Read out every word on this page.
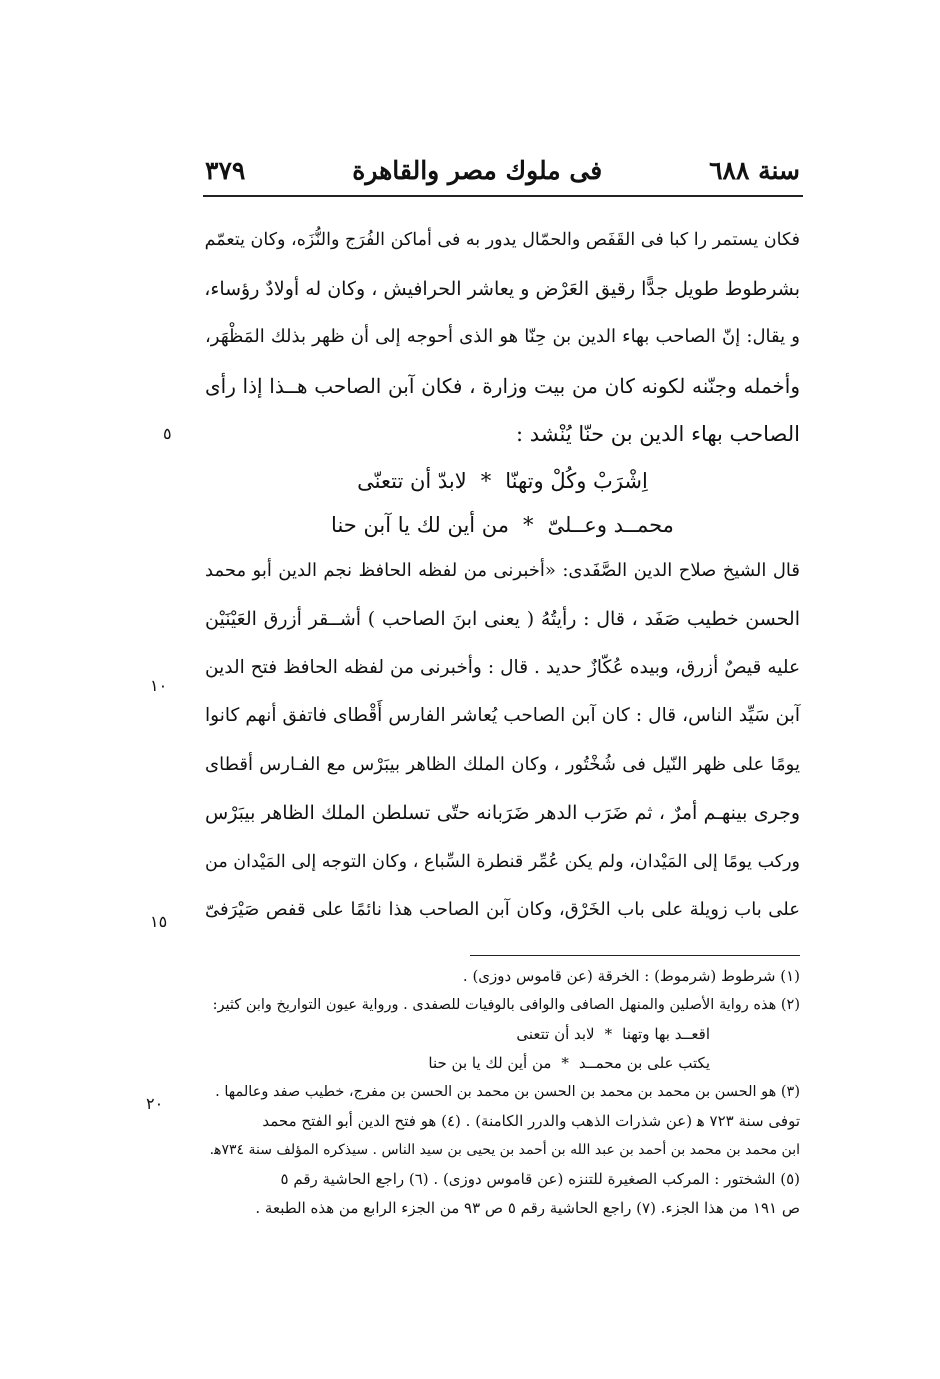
سنة ٦٨٨
فى ملوك مصر والقاهرة
٣٧٩
فكان يستمر را كبا فى القَفَص والحمّال يدور به فى أماكن الفُرَج والنُّزَه، وكان يتعمّم
بشرطوط طويل جدًّا رقيق العَرْض و يعاشر الحرافيش ، وكان له أولادٌ رؤساء،
و يقال: إنّ الصاحب بهاء الدين بن حِنّا هو الذى أحوجه إلى أن ظهر بذلك المَظْهَر،
وأخمله وجنّنه لكونه كان من بيت وزارة ، فكان آبن الصاحب هــذا إذا رأى
الصاحب بهاء الدين بن حنّا يُنْشد :
اِشْرَبْ وكُلْ وتهنّا*لابدّ أن تتعنّى
محمــد وعــلىّ*من أين لك يا آبن حنا
قال الشيخ صلاح الدين الصَّفَدى: «أخبرنى من لفظه الحافظ نجم الدين أبو محمد
الحسن خطيب صَفَد ، قال : رأيتُهُ ( يعنى ابنَ الصاحب ) أشــقر أزرق العَيْنَيْن
عليه قيصٌ أزرق، وبيده عُكّازٌ حديد . قال : وأخبرنى من لفظه الحافظ فتح الدين
آبن سَيِّد الناس، قال : كان آبن الصاحب يُعاشر الفارس أَقْطاى فاتفق أنهم كانوا
يومًا على ظهر النّيل فى شُخْتُور ، وكان الملك الظاهر بيبَرْس مع الفـارس أقطاى
وجرى بينهـم أمرٌ ، ثم ضَرَب الدهر ضَرَبانه حتّى تسلطن الملك الظاهر بيبَرْس
وركب يومًا إلى المَيْدان، ولم يكن عُمِّر قنطرة السِّباع ، وكان التوجه إلى المَيْدان من
على باب زويلة على باب الخَرْق، وكان آبن الصاحب هذا نائمًا على قفص صَيْرَفىّ
٥
١٠
١٥
٢٠
(١) شرطوط (شرموط) : الخرقة (عن قاموس دوزى) .
(٢) هذه رواية الأصلين والمنهل الصافى والوافى بالوفيات للصفدى . ورواية عيون التواريخ وابن كثير:
اقعــد بها وتهنا*لابد أن تتعنى
يكتب على بن محمــد*من أين لك يا بن حنا
(٣) هو الحسن بن محمد بن محمد بن الحسن بن محمد بن الحسن بن مفرج، خطيب صفد وعالمها .
توفى سنة ٧٢٣ ﻫ (عن شذرات الذهب والدرر الكامنة) . (٤) هو فتح الدين أبو الفتح محمد
ابن محمد بن محمد بن أحمد بن عبد الله بن أحمد بن يحيى بن سيد الناس . سيذكره المؤلف سنة ٧٣٤ﻫ.
(٥) الشختور : المركب الصغيرة للتنزه (عن قاموس دوزى) . (٦) راجع الحاشية رقم ٥
ص ١٩١ من هذا الجزء. (٧) راجع الحاشية رقم ٥ ص ٩٣ من الجزء الرابع من هذه الطبعة .
